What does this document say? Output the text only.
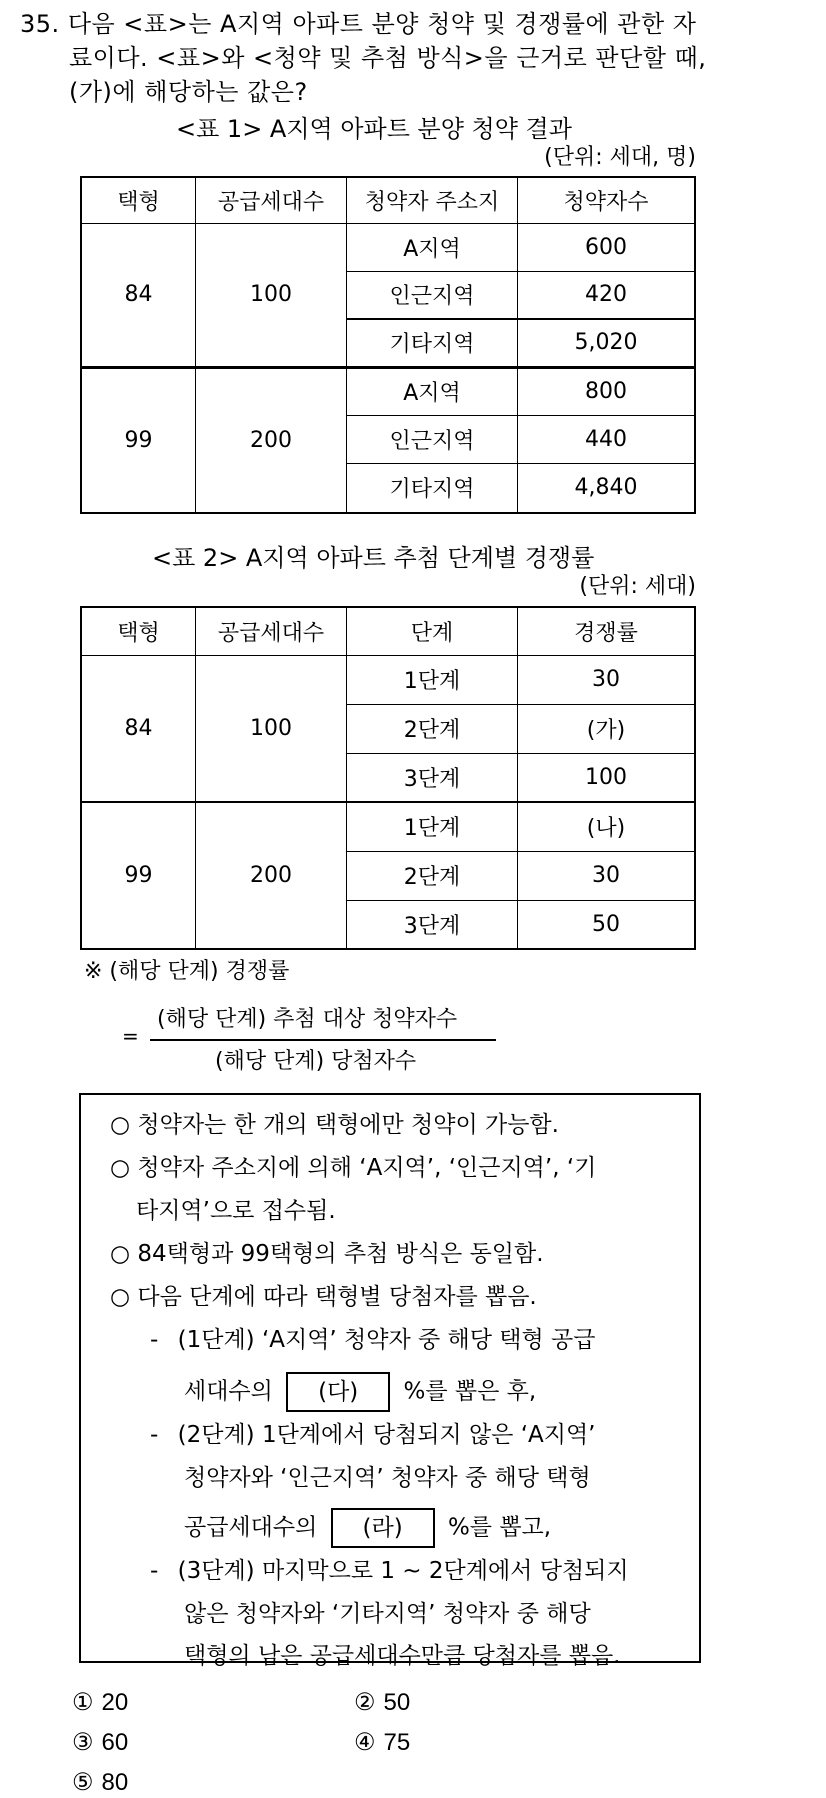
35. 다음 <표>는 A지역 아파트 분양 청약 및 경쟁률에 관한 자
료이다. <표>와 <청약 및 추첨 방식>을 근거로 판단할 때,
(가)에 해당하는 값은?
<표 1> A지역 아파트 분양 청약 결과
(단위: 세대, 명)
택형	공급세대수	청약자 주소지	청약자수
84	100	A지역	600
		인근지역	420
		기타지역	5,020
99	200	A지역	800
		인근지역	440
		기타지역	4,840
<표 2> A지역 아파트 추첨 단계별 경쟁률
(단위: 세대)
택형	공급세대수	단계	경쟁률
84	100	1단계	30
		2단계	(가)
		3단계	100
99	200	1단계	(나)
		2단계	30
		3단계	50
※ (해당 단계) 경쟁률
=
(해당 단계) 추첨 대상 청약자수
(해당 단계) 당첨자수
○ 청약자는 한 개의 택형에만 청약이 가능함.
○ 청약자 주소지에 의해 ‘A지역’, ‘인근지역’, ‘기
타지역’으로 접수됨.
○ 84택형과 99택형의 추첨 방식은 동일함.
○ 다음 단계에 따라 택형별 당첨자를 뽑음.
- (1단계) ‘A지역’ 청약자 중 해당 택형 공급
세대수의 (다) %를 뽑은 후,
- (2단계) 1단계에서 당첨되지 않은 ‘A지역’
청약자와 ‘인근지역’ 청약자 중 해당 택형
공급세대수의 (라) %를 뽑고,
- (3단계) 마지막으로 1 ~ 2단계에서 당첨되지
않은 청약자와 ‘기타지역’ 청약자 중 해당
택형의 남은 공급세대수만큼 당첨자를 뽑음.
① 20	② 50
③ 60	④ 75
⑤ 80
